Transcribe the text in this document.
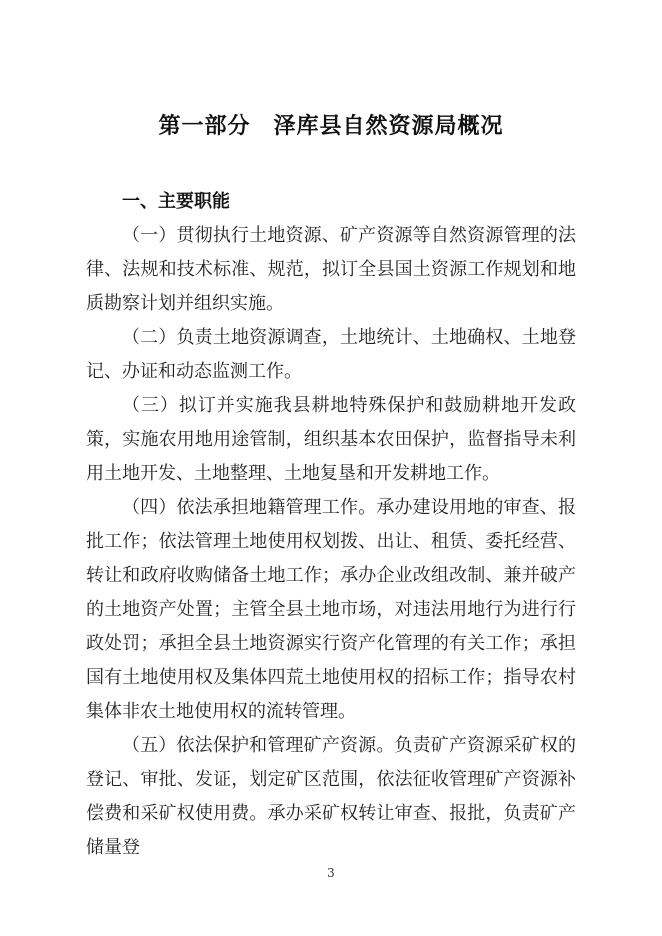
第一部分　泽库县自然资源局概况
一、主要职能

（一）贯彻执行土地资源、矿产资源等自然资源管理的法律、法规和技术标准、规范，拟订全县国土资源工作规划和地质勘察计划并组织实施。

（二）负责土地资源调查，土地统计、土地确权、土地登记、办证和动态监测工作。

（三）拟订并实施我县耕地特殊保护和鼓励耕地开发政策，实施农用地用途管制，组织基本农田保护，监督指导未利用土地开发、土地整理、土地复垦和开发耕地工作。

（四）依法承担地籍管理工作。承办建设用地的审查、报批工作；依法管理土地使用权划拨、出让、租赁、委托经营、转让和政府收购储备土地工作；承办企业改组改制、兼并破产的土地资产处置；主管全县土地市场，对违法用地行为进行行政处罚；承担全县土地资源实行资产化管理的有关工作；承担国有土地使用权及集体四荒土地使用权的招标工作；指导农村集体非农土地使用权的流转管理。

（五）依法保护和管理矿产资源。负责矿产资源采矿权的登记、审批、发证，划定矿区范围，依法征收管理矿产资源补偿费和采矿权使用费。承办采矿权转让审查、报批，负责矿产储量登

3
